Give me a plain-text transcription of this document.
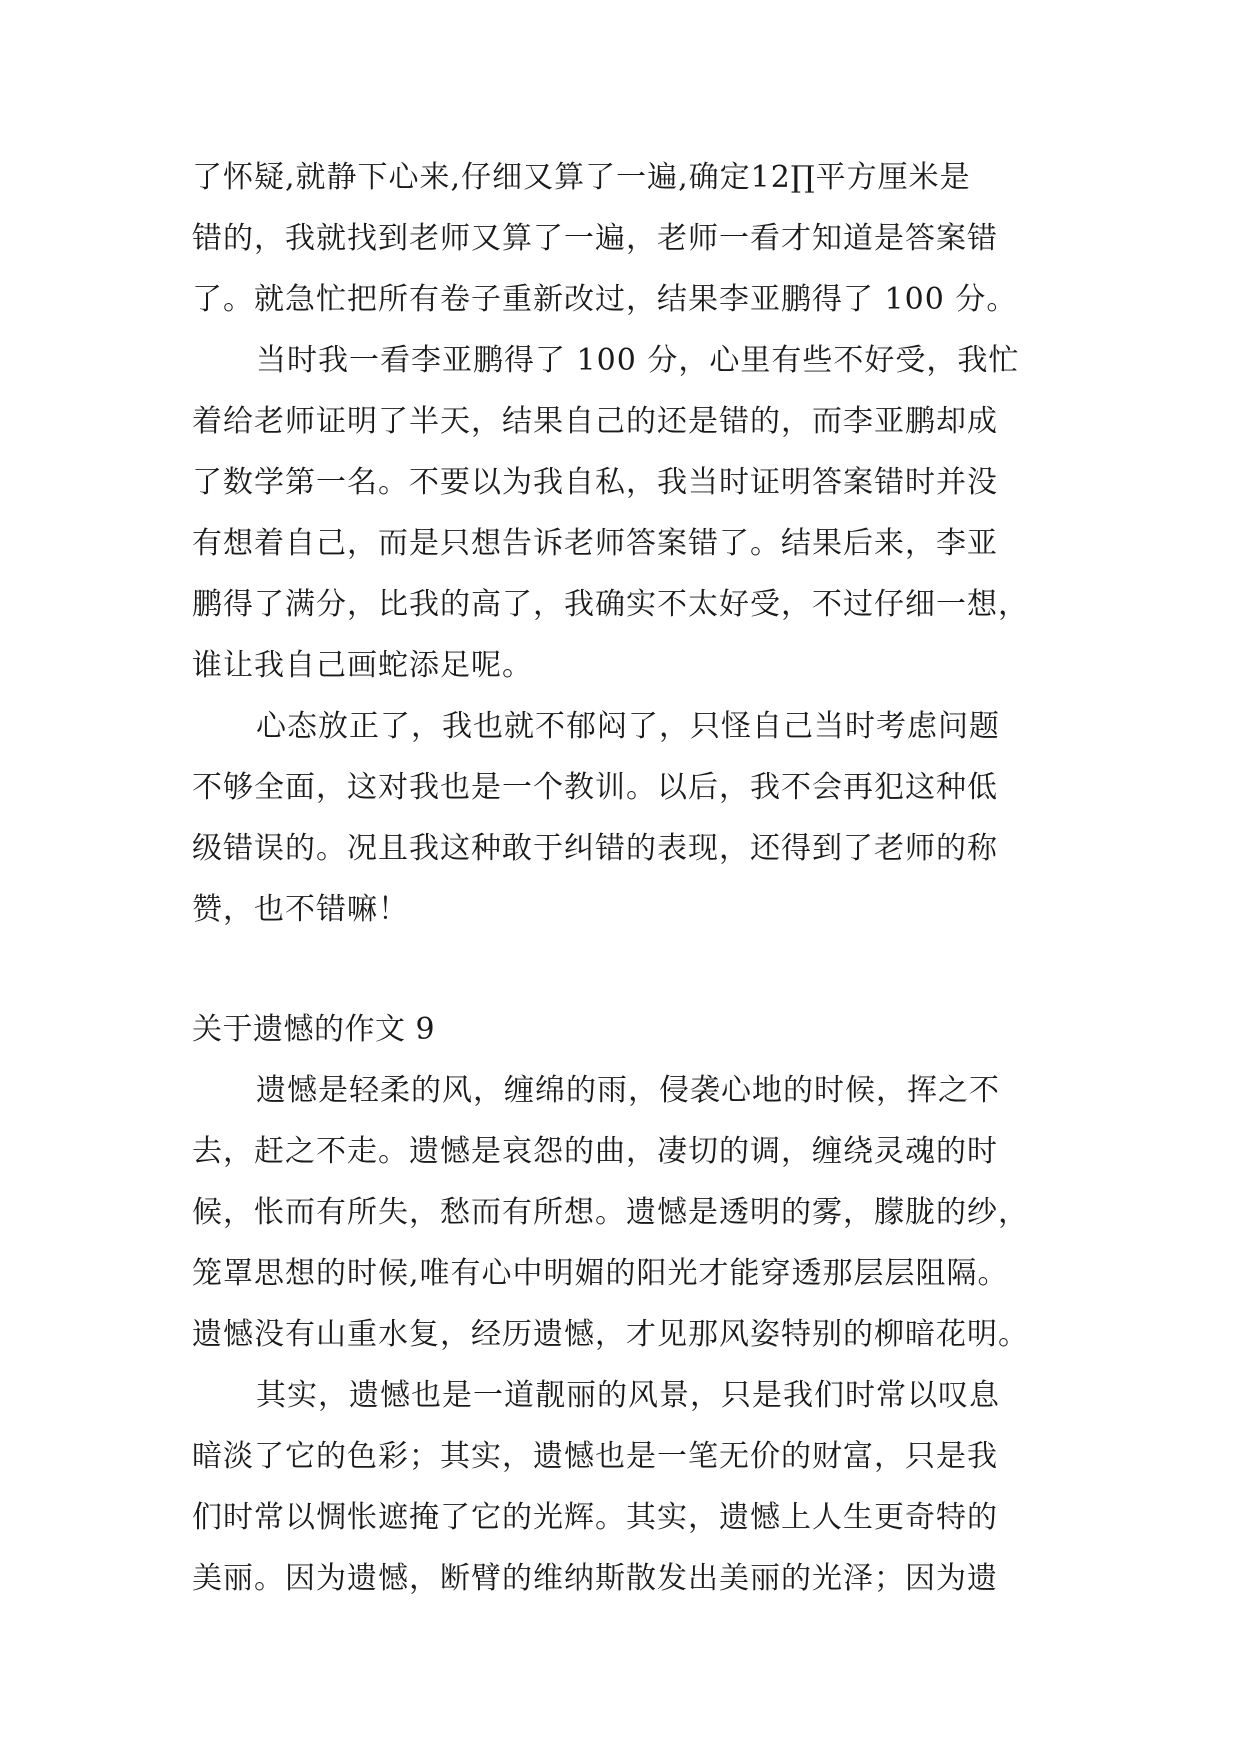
了怀疑,就静下心来,仔细又算了一遍,确定12∏平方厘米是
错的，我就找到老师又算了一遍，老师一看才知道是答案错
了。就急忙把所有卷子重新改过，结果李亚鹏得了 100 分。
当时我一看李亚鹏得了 100 分，心里有些不好受，我忙
着给老师证明了半天，结果自己的还是错的，而李亚鹏却成
了数学第一名。不要以为我自私，我当时证明答案错时并没
有想着自己，而是只想告诉老师答案错了。结果后来，李亚
鹏得了满分，比我的高了，我确实不太好受，不过仔细一想，
谁让我自己画蛇添足呢。
心态放正了，我也就不郁闷了，只怪自己当时考虑问题
不够全面，这对我也是一个教训。以后，我不会再犯这种低
级错误的。况且我这种敢于纠错的表现，还得到了老师的称
赞，也不错嘛！
关于遗憾的作文 9
遗憾是轻柔的风，缠绵的雨，侵袭心地的时候，挥之不
去，赶之不走。遗憾是哀怨的曲，凄切的调，缠绕灵魂的时
候，怅而有所失，愁而有所想。遗憾是透明的雾，朦胧的纱，
笼罩思想的时候,唯有心中明媚的阳光才能穿透那层层阻隔。
遗憾没有山重水复，经历遗憾，才见那风姿特别的柳暗花明。
其实，遗憾也是一道靓丽的风景，只是我们时常以叹息
暗淡了它的色彩；其实，遗憾也是一笔无价的财富，只是我
们时常以惆怅遮掩了它的光辉。其实，遗憾上人生更奇特的
美丽。因为遗憾，断臂的维纳斯散发出美丽的光泽；因为遗
